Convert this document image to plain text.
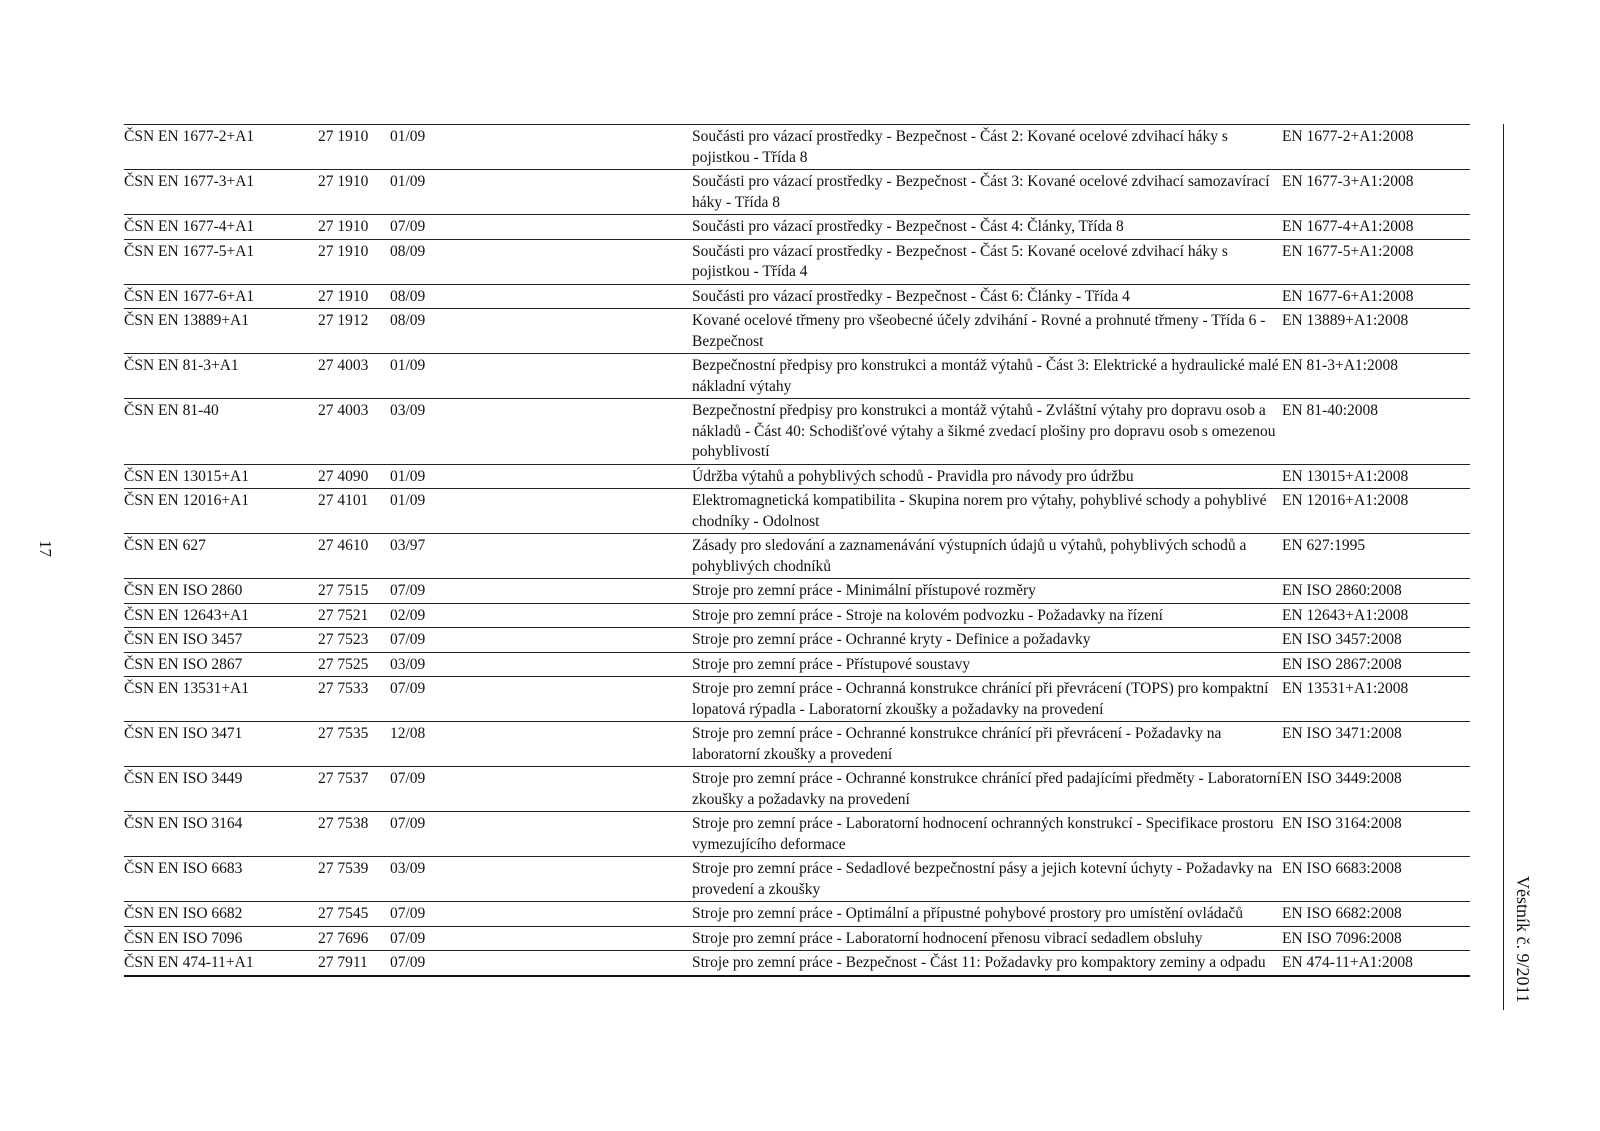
17
ČSN EN 1677-2+A1	27 1910	01/09	Součásti pro vázací prostředky - Bezpečnost - Část 2: Kované ocelové zdvihací háky s pojistkou - Třída 8	EN 1677-2+A1:2008
ČSN EN 1677-3+A1	27 1910	01/09	Součásti pro vázací prostředky - Bezpečnost - Část 3: Kované ocelové zdvihací samozavírací háky - Třída 8	EN 1677-3+A1:2008
ČSN EN 1677-4+A1	27 1910	07/09	Součásti pro vázací prostředky - Bezpečnost - Část 4: Články, Třída 8	EN 1677-4+A1:2008
ČSN EN 1677-5+A1	27 1910	08/09	Součásti pro vázací prostředky - Bezpečnost - Část 5: Kované ocelové zdvihací háky s pojistkou - Třída 4	EN 1677-5+A1:2008
ČSN EN 1677-6+A1	27 1910	08/09	Součásti pro vázací prostředky - Bezpečnost - Část 6: Články - Třída 4	EN 1677-6+A1:2008
ČSN EN 13889+A1	27 1912	08/09	Kované ocelové třmeny pro všeobecné účely zdvihání - Rovné a prohnuté třmeny - Třída 6 - Bezpečnost	EN 13889+A1:2008
ČSN EN 81-3+A1	27 4003	01/09	Bezpečnostní předpisy pro konstrukci a montáž výtahů - Část 3: Elektrické a hydraulické malé nákladní výtahy	EN 81-3+A1:2008
ČSN EN 81-40	27 4003	03/09	Bezpečnostní předpisy pro konstrukci a montáž výtahů - Zvláštní výtahy pro dopravu osob a nákladů - Část 40: Schodišťové výtahy a šikmé zvedací plošiny pro dopravu osob s omezenou pohyblivostí	EN 81-40:2008
ČSN EN 13015+A1	27 4090	01/09	Údržba výtahů a pohyblivých schodů - Pravidla pro návody pro údržbu	EN 13015+A1:2008
ČSN EN 12016+A1	27 4101	01/09	Elektromagnetická kompatibilita - Skupina norem pro výtahy, pohyblivé schody a pohyblivé chodníky - Odolnost	EN 12016+A1:2008
ČSN EN 627	27 4610	03/97	Zásady pro sledování a zaznamenávání výstupních údajů u výtahů, pohyblivých schodů a pohyblivých chodníků	EN 627:1995
ČSN EN ISO 2860	27 7515	07/09	Stroje pro zemní práce - Minimální přístupové rozměry	EN ISO 2860:2008
ČSN EN 12643+A1	27 7521	02/09	Stroje pro zemní práce - Stroje na kolovém podvozku - Požadavky na řízení	EN 12643+A1:2008
ČSN EN ISO 3457	27 7523	07/09	Stroje pro zemní práce - Ochranné kryty - Definice a požadavky	EN ISO 3457:2008
ČSN EN ISO 2867	27 7525	03/09	Stroje pro zemní práce - Přístupové soustavy	EN ISO 2867:2008
ČSN EN 13531+A1	27 7533	07/09	Stroje pro zemní práce - Ochranná konstrukce chránící při převrácení (TOPS) pro kompaktní lopatová rýpadla - Laboratorní zkoušky a požadavky na provedení	EN 13531+A1:2008
ČSN EN ISO 3471	27 7535	12/08	Stroje pro zemní práce - Ochranné konstrukce chránící při převrácení - Požadavky na laboratorní zkoušky a provedení	EN ISO 3471:2008
ČSN EN ISO 3449	27 7537	07/09	Stroje pro zemní práce - Ochranné konstrukce chránící před padajícími předměty - Laboratorní zkoušky a požadavky na provedení	EN ISO 3449:2008
ČSN EN ISO 3164	27 7538	07/09	Stroje pro zemní práce - Laboratorní hodnocení ochranných konstrukcí - Specifikace prostoru vymezujícího deformace	EN ISO 3164:2008
ČSN EN ISO 6683	27 7539	03/09	Stroje pro zemní práce - Sedadlové bezpečnostní pásy a jejich kotevní úchyty - Požadavky na provedení a zkoušky	EN ISO 6683:2008
ČSN EN ISO 6682	27 7545	07/09	Stroje pro zemní práce - Optimální a přípustné pohybové prostory pro umístění ovládačů	EN ISO 6682:2008
ČSN EN ISO 7096	27 7696	07/09	Stroje pro zemní práce - Laboratorní hodnocení přenosu vibrací sedadlem obsluhy	EN ISO 7096:2008
ČSN EN 474-11+A1	27 7911	07/09	Stroje pro zemní práce - Bezpečnost - Část 11: Požadavky pro kompaktory zeminy a odpadu	EN 474-11+A1:2008	Věstník č. 9/2011
